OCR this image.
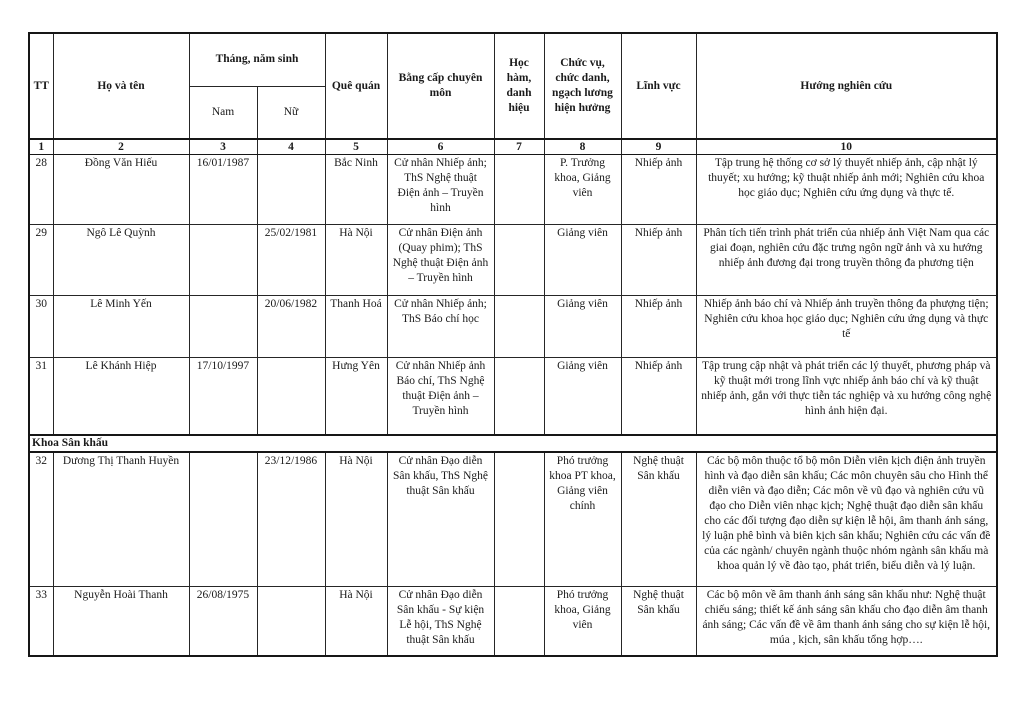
TT	Họ và tên	Tháng, năm sinh		Quê quán	Bằng cấp chuyên môn	Học hàm, danh hiệu	Chức vụ, chức danh, ngạch lương hiện hưởng	Lĩnh vực	Hướng nghiên cứu
		Nam	Nữ						
1	2	3	4	5	6	7	8	9	10
28	Đồng Văn Hiếu	16/01/1987		Bắc Ninh	Cử nhân Nhiếp ảnh; ThS Nghệ thuật Điện ảnh – Truyền hình		P. Trưởng khoa, Giảng viên	Nhiếp ảnh	Tập trung hệ thống cơ sở lý thuyết nhiếp ảnh, cập nhật lý thuyết; xu hướng; kỹ thuật nhiếp ảnh mới; Nghiên cứu khoa học giáo dục; Nghiên cứu ứng dụng và thực tế.
29	Ngô Lê Quỳnh		25/02/1981	Hà Nội	Cử nhân Điện ảnh (Quay phim); ThS Nghệ thuật Điện ảnh – Truyền hình		Giảng viên	Nhiếp ảnh	Phân tích tiến trình phát triển của nhiếp ảnh Việt Nam qua các giai đoạn, nghiên cứu đặc trưng ngôn ngữ ảnh và xu hướng nhiếp ảnh đương đại trong truyền thông đa phương tiện
30	Lê Minh Yến		20/06/1982	Thanh Hoá	Cử nhân Nhiếp ảnh; ThS Báo chí học		Giảng viên	Nhiếp ảnh	Nhiếp ảnh báo chí và Nhiếp ảnh truyền thông đa phượng tiện; Nghiên cứu khoa học giáo dục; Nghiên cứu ứng dụng và thực tế
31	Lê Khánh Hiệp	17/10/1997		Hưng Yên	Cử nhân Nhiếp ảnh Báo chí, ThS Nghệ thuật Điện ảnh – Truyền hình		Giảng viên	Nhiếp ảnh	Tập trung cập nhật và phát triển các lý thuyết, phương pháp và kỹ thuật mới trong lĩnh vực nhiếp ảnh báo chí và kỹ thuật nhiếp ảnh, gắn với thực tiễn tác nghiệp và xu hướng công nghệ hình ảnh hiện đại.
Khoa Sân khấu									
32	Dương Thị Thanh Huyền		23/12/1986	Hà Nội	Cử nhân Đạo diễn Sân khấu, ThS Nghệ thuật Sân khấu		Phó trưởng khoa PT khoa, Giảng viên chính	Nghệ thuật Sân khấu	Các bộ môn thuộc tổ bộ môn Diễn viên kịch điện ảnh truyền hình và đạo diễn sân khấu; Các môn chuyên sâu cho Hình thể diễn viên và đạo diễn; Các môn về vũ đạo và nghiên cứu vũ đạo cho Diễn viên nhạc kịch; Nghệ thuật đạo diễn sân khấu cho các đối tượng đạo diễn sự kiện lễ hội, âm thanh ánh sáng, lý luận phê bình và biên kịch sân khấu; Nghiên cứu các vấn đề của các ngành/ chuyên ngành thuộc nhóm ngành sân khấu mà khoa quản lý về đào tạo, phát triển, biểu diễn và lý luận.
33	Nguyễn Hoài Thanh	26/08/1975		Hà Nội	Cử nhân Đạo diễn Sân khấu - Sự kiện Lễ hội, ThS Nghệ thuật Sân khấu		Phó trưởng khoa, Giảng viên	Nghệ thuật Sân khấu	Các bộ môn về âm thanh ánh sáng sân khấu như: Nghệ thuật chiếu sáng; thiết kế ánh sáng sân khấu cho đạo diễn âm thanh ánh sáng; Các vấn đề về âm thanh ánh sáng cho sự kiện lễ hội, múa , kịch, sân khấu tổng hợp….
